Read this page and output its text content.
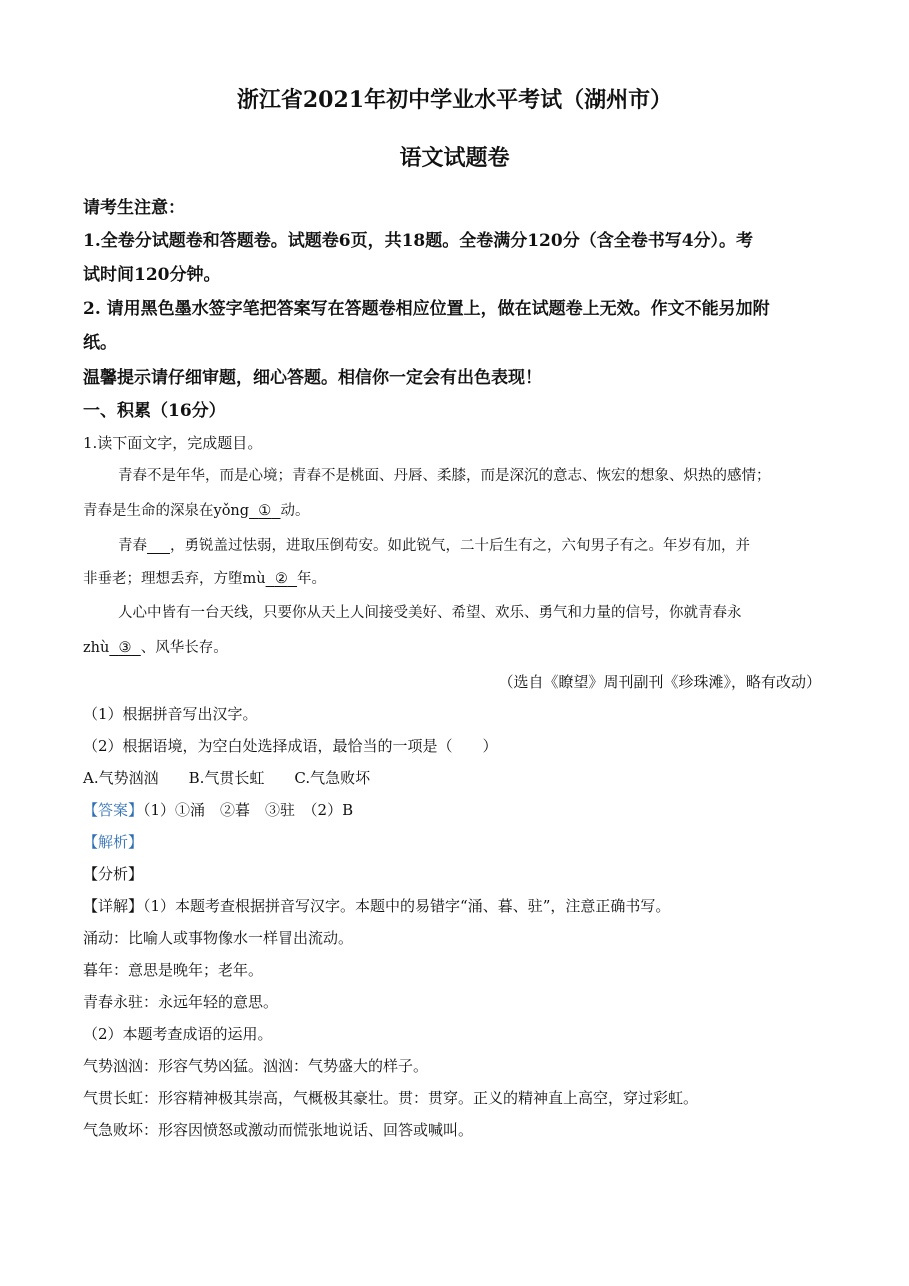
浙江省2021年初中学业水平考试（湖州市）
语文试题卷
请考生注意：
1.全卷分试题卷和答题卷。试题卷6页，共18题。全卷满分120分（含全卷书写4分）。考
试时间120分钟。
2. 请用黑色墨水签字笔把答案写在答题卷相应位置上，做在试题卷上无效。作文不能另加附
纸。
温馨提示请仔细审题，细心答题。相信你一定会有出色表现！
一、积累（16分）
1.读下面文字，完成题目。
青春不是年华，而是心境；青春不是桃面、丹唇、柔膝，而是深沉的意志、恢宏的想象、炽热的感情；
青春是生命的深泉在yǒng ① 动。
青春 ，勇锐盖过怯弱，进取压倒苟安。如此锐气，二十后生有之，六旬男子有之。年岁有加，并
非垂老；理想丢弃，方堕mù ② 年。
人心中皆有一台天线，只要你从天上人间接受美好、希望、欢乐、勇气和力量的信号，你就青春永
zhù ③ 、风华长存。
（选自《瞭望》周刊副刊《珍珠滩》，略有改动）
（1）根据拼音写出汉字。
（2）根据语境，为空白处选择成语，最恰当的一项是（　　）
A.气势汹汹　　B.气贯长虹　　C.气急败坏
【答案】（1）①涌　②暮　③驻　（2）B
【解析】
【分析】
【详解】（1）本题考查根据拼音写汉字。本题中的易错字“涌、暮、驻”，注意正确书写。
涌动：比喻人或事物像水一样冒出流动。
暮年：意思是晚年；老年。
青春永驻：永远年轻的意思。
（2）本题考查成语的运用。
气势汹汹：形容气势凶猛。汹汹：气势盛大的样子。
气贯长虹：形容精神极其崇高，气概极其豪壮。贯：贯穿。正义的精神直上高空，穿过彩虹。
气急败坏：形容因愤怒或激动而慌张地说话、回答或喊叫。
